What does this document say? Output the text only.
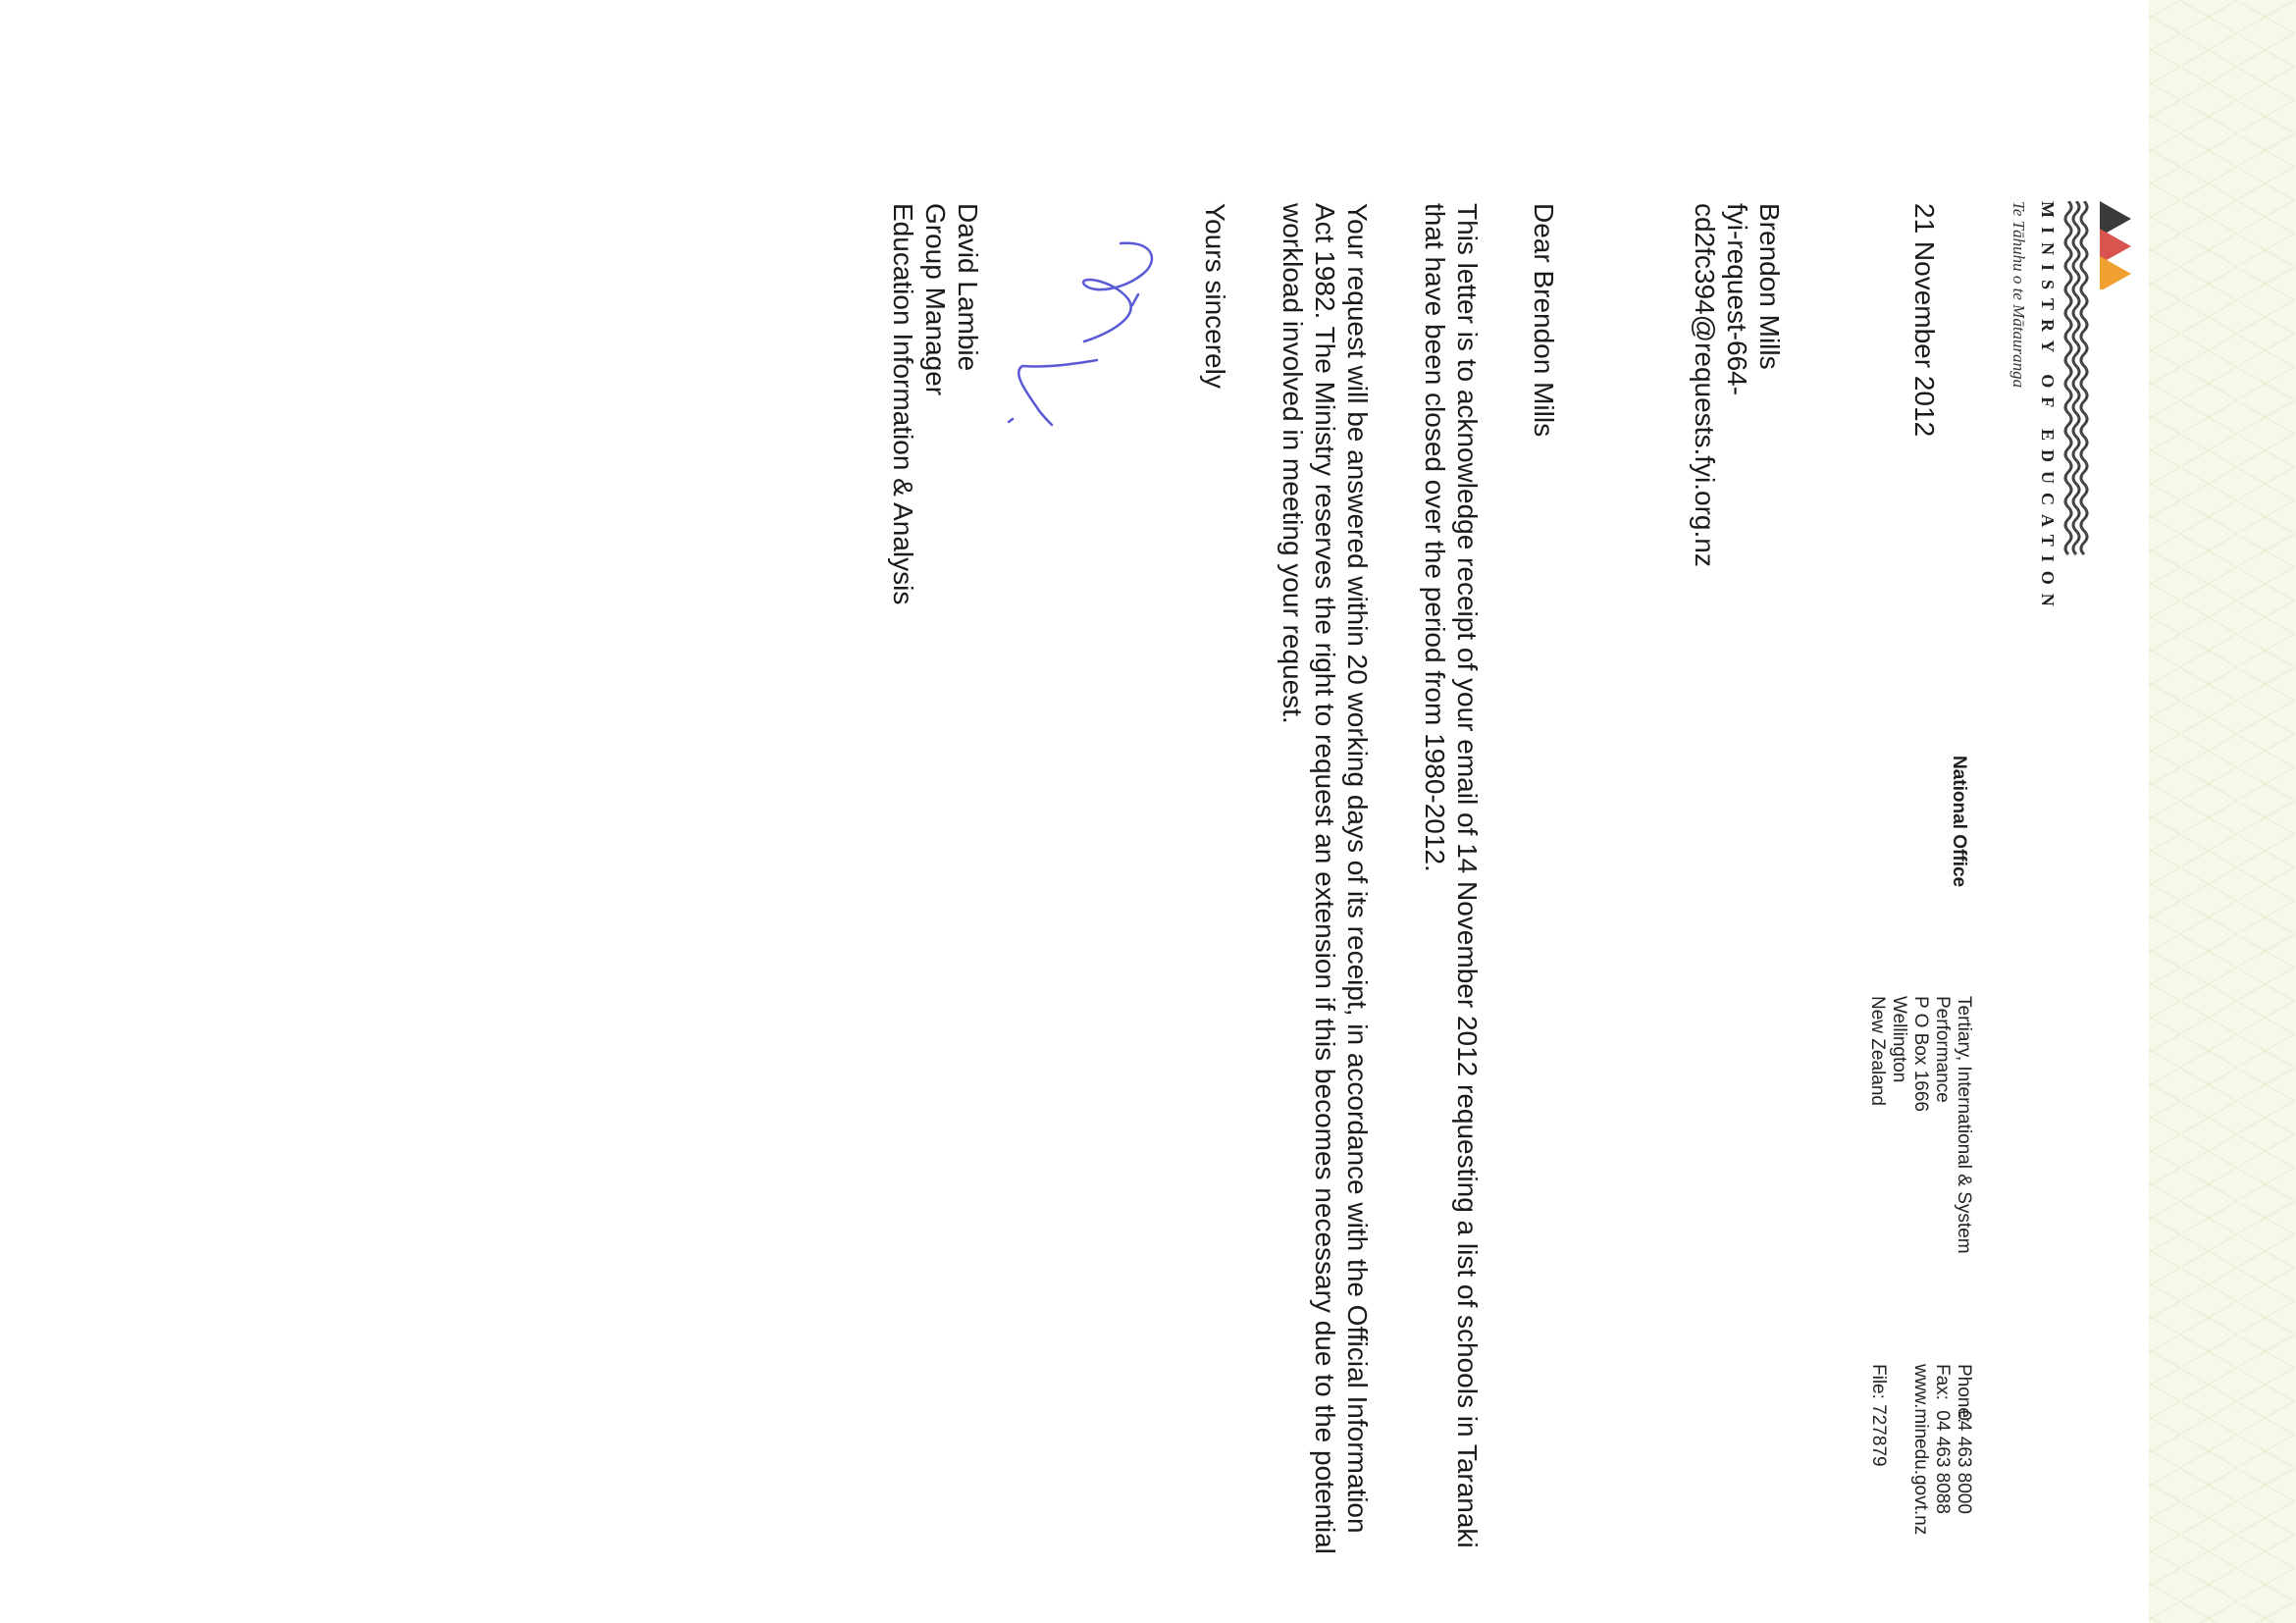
MINISTRY OF EDUCATION
Te Tāhuhu o te Mātauranga
National Office
Tertiary, International & System
Performance
P O Box 1666
Wellington
New Zealand
Phone: 04 463 8000
Fax: 04 463 8088
www.minedu.govt.nz
File: 727879
21 November 2012
Brendon Mills
fyi-request-664-
cd2fc394@requests.fyi.org.nz
Dear Brendon Mills
This letter is to acknowledge receipt of your email of 14 November 2012 requesting a list of schools in Taranaki that have been closed over the period from 1980-2012.
Your request will be answered within 20 working days of its receipt, in accordance with the Official Information Act 1982. The Ministry reserves the right to request an extension if this becomes necessary due to the potential workload involved in meeting your request.
Yours sincerely
David Lambie
Group Manager
Education Information & Analysis
